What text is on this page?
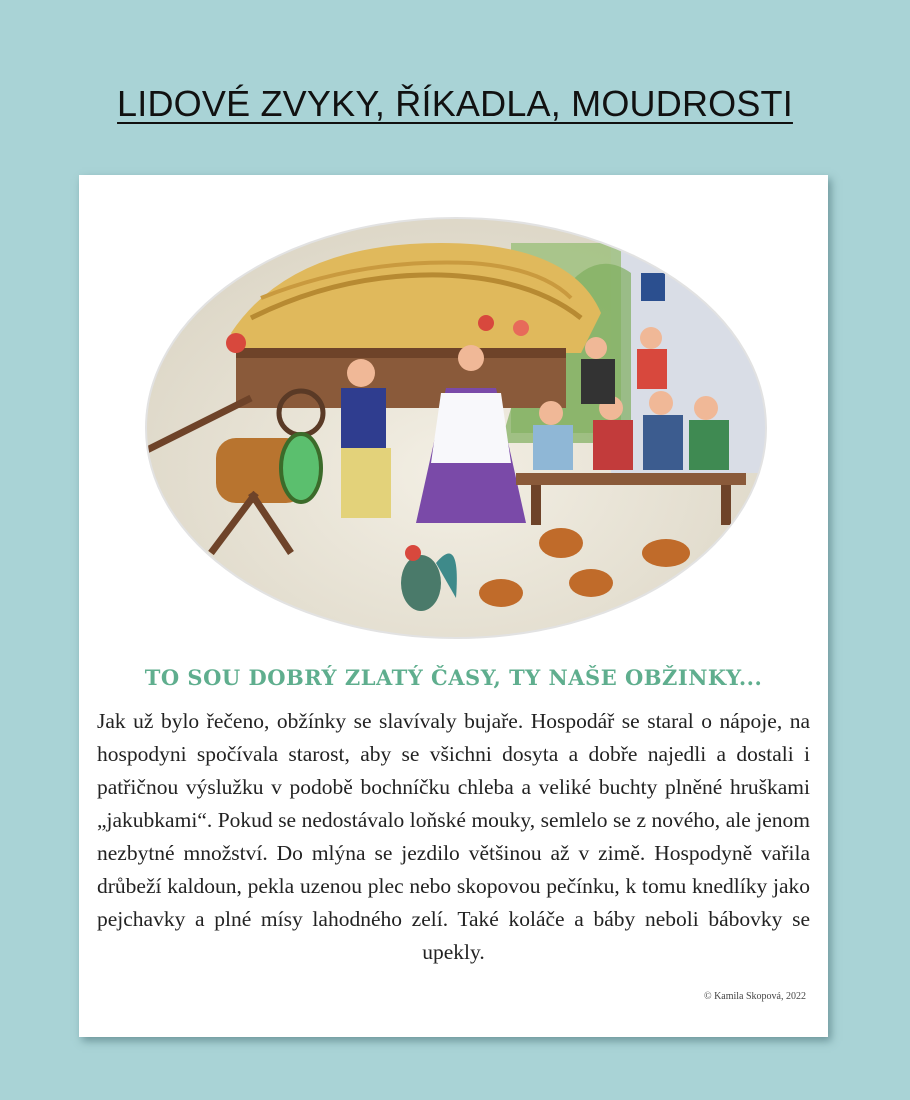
LIDOVÉ ZVYKY, ŘÍKADLA, MOUDROSTI
TO SOU DOBRÝ ZLATÝ ČASY, TY NAŠE OBŽINKY...
Jak už bylo řečeno, obžínky se slavívaly bujaře. Hospodář se staral o nápoje, na hospodyni spočívala starost, aby se všichni dosyta a dobře najedli a dostali i patřičnou výslužku v podobě bochníčku chleba a veliké buchty plněné hruškami „jakubkami“. Pokud se nedostávalo loňské mouky, semlelo se z nového, ale jenom nezbytné množství. Do mlýna se jezdilo většinou až v zimě. Hospodyně vařila drůbeží kaldoun, pekla uzenou plec nebo skopovou pečínku, k tomu knedlíky jako pejchavky a plné mísy lahodného zelí. Také koláče a báby neboli bábovky se upekly.
© Kamila Skopová, 2022
